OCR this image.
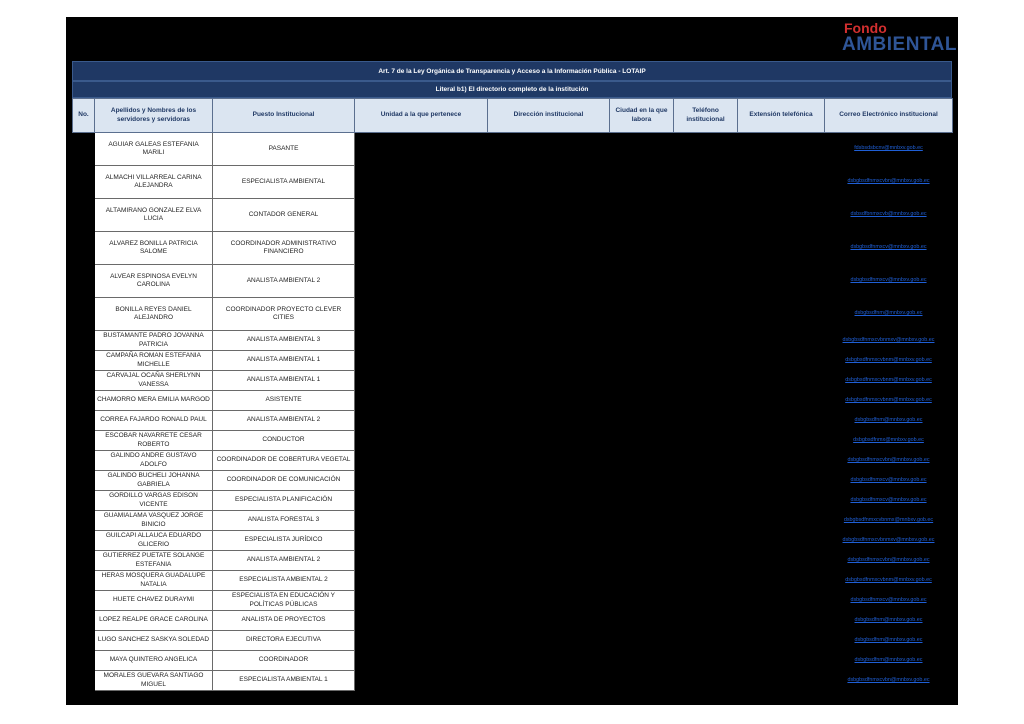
Fondo
AMBIENTAL
Art. 7 de la Ley Orgánica de Transparencia y Acceso a la Información Pública - LOTAIP
Literal b1) El directorio completo de la institución
No.	Apellidos y Nombres de los servidores y servidoras	Puesto Institucional	Unidad a la que pertenece	Dirección institucional	Ciudad en la que labora	Teléfono institucional	Extensión telefónica	Correo Electrónico institucional
	AGUIAR GALEAS ESTEFANIA MARILI	PASANTE						fdsbsdsbcnv@mnbxv.gob.ec
	ALMACHI VILLARREAL CARINA ALEJANDRA	ESPECIALISTA AMBIENTAL						dsbgbsdfnmxcvbn@mnbxv.gob.ec
	ALTAMIRANO GONZALEZ ELVA LUCIA	CONTADOR GENERAL						dsbsdfbnmxcvb@mnbxv.gob.ec
	ALVAREZ BONILLA PATRICIA SALOME	COORDINADOR ADMINISTRATIVO FINANCIERO						dsbgbsdfnmxcv@mnbxv.gob.ec
	ALVEAR ESPINOSA EVELYN CAROLINA	ANALISTA AMBIENTAL 2						dsbgbsdfnmxcv@mnbxv.gob.ec
	BONILLA REYES DANIEL ALEJANDRO	COORDINADOR PROYECTO CLEVER CITIES						dsbgbsdfnm@mnbxv.gob.ec
	BUSTAMANTE PADRO JOVANNA PATRICIA	ANALISTA AMBIENTAL 3						dsbgbsdfnmxcvbnmxv@mnbxv.gob.ec
	CAMPAÑA ROMAN ESTEFANIA MICHELLE	ANALISTA AMBIENTAL 1						dsbgbsdfnmxcvbnm@mnbxv.gob.ec
	CARVAJAL OCAÑA SHERLYNN VANESSA	ANALISTA AMBIENTAL 1						dsbgbsdfnmxcvbnm@mnbxv.gob.ec
	CHAMORRO MERA EMILIA MARGOD	ASISTENTE						dsbgbsdfnmxcvbnm@mnbxv.gob.ec
	CORREA FAJARDO RONALD PAUL	ANALISTA AMBIENTAL 2						dsbgbsdfnm@mnbxv.gob.ec
	ESCOBAR NAVARRETE CESAR ROBERTO	CONDUCTOR						dsbgbsdfnmx@mnbxv.gob.ec
	GALINDO ANDRE GUSTAVO ADOLFO	COORDINADOR DE COBERTURA VEGETAL						dsbgbsdfnmxcvbn@mnbxv.gob.ec
	GALINDO BUCHELI JOHANNA GABRIELA	COORDINADOR DE COMUNICACIÓN						dsbgbsdfnmxcv@mnbxv.gob.ec
	GORDILLO VARGAS EDISON VICENTE	ESPECIALISTA PLANIFICACIÓN						dsbgbsdfnmxcv@mnbxv.gob.ec
	GUAMIALAMA VASQUEZ JORGE BINICIO	ANALISTA FORESTAL 3						dsbgbsdfnmxcvbnmx@mnbxv.gob.ec
	GUILCAPI ALLAUCA EDUARDO GLICERIO	ESPECIALISTA JURÍDICO						dsbgbsdfnmxcvbnmxv@mnbxv.gob.ec
	GUTIERREZ PUETATE SOLANGE ESTEFANIA	ANALISTA AMBIENTAL 2						dsbgbsdfnmxcvbn@mnbxv.gob.ec
	HERAS MOSQUERA GUADALUPE NATALIA	ESPECIALISTA AMBIENTAL 2						dsbgbsdfnmxcvbnm@mnbxv.gob.ec
	HUETE CHAVEZ DURAYMI	ESPECIALISTA EN EDUCACIÓN Y POLÍTICAS PÚBLICAS						dsbgbsdfnmxcv@mnbxv.gob.ec
	LOPEZ REALPE GRACE CAROLINA	ANALISTA DE PROYECTOS						dsbgbsdfnm@mnbxv.gob.ec
	LUGO SANCHEZ SASKYA SOLEDAD	DIRECTORA EJECUTIVA						dsbgbsdfnm@mnbxv.gob.ec
	MAYA QUINTERO ANGELICA	COORDINADOR						dsbgbsdfnm@mnbxv.gob.ec
	MORALES GUEVARA SANTIAGO MIGUEL	ESPECIALISTA AMBIENTAL 1						dsbgbsdfnmxcvbn@mnbxv.gob.ec
